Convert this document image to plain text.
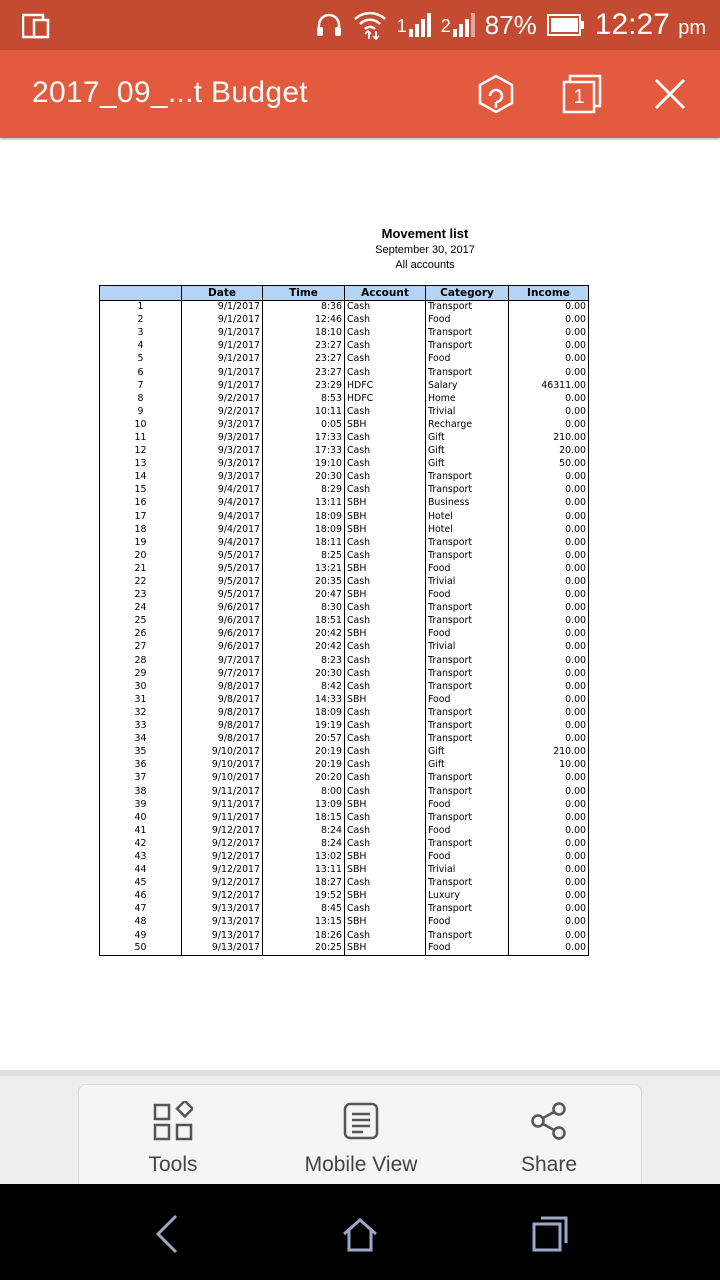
1 2 87% 12:27 pm
2017_09_...t Budget	1
Movement list
September 30, 2017
All accounts
	Date	Time	Account	Category	Income
1	9/1/2017	8:36	Cash	Transport	0.00
2	9/1/2017	12:46	Cash	Food	0.00
3	9/1/2017	18:10	Cash	Transport	0.00
4	9/1/2017	23:27	Cash	Transport	0.00
5	9/1/2017	23:27	Cash	Food	0.00
6	9/1/2017	23:27	Cash	Transport	0.00
7	9/1/2017	23:29	HDFC	Salary	46311.00
8	9/2/2017	8:53	HDFC	Home	0.00
9	9/2/2017	10:11	Cash	Trivial	0.00
10	9/3/2017	0:05	SBH	Recharge	0.00
11	9/3/2017	17:33	Cash	Gift	210.00
12	9/3/2017	17:33	Cash	Gift	20.00
13	9/3/2017	19:10	Cash	Gift	50.00
14	9/3/2017	20:30	Cash	Transport	0.00
15	9/4/2017	8:29	Cash	Transport	0.00
16	9/4/2017	13:11	SBH	Business	0.00
17	9/4/2017	18:09	SBH	Hotel	0.00
18	9/4/2017	18:09	SBH	Hotel	0.00
19	9/4/2017	18:11	Cash	Transport	0.00
20	9/5/2017	8:25	Cash	Transport	0.00
21	9/5/2017	13:21	SBH	Food	0.00
22	9/5/2017	20:35	Cash	Trivial	0.00
23	9/5/2017	20:47	SBH	Food	0.00
24	9/6/2017	8:30	Cash	Transport	0.00
25	9/6/2017	18:51	Cash	Transport	0.00
26	9/6/2017	20:42	SBH	Food	0.00
27	9/6/2017	20:42	Cash	Trivial	0.00
28	9/7/2017	8:23	Cash	Transport	0.00
29	9/7/2017	20:30	Cash	Transport	0.00
30	9/8/2017	8:42	Cash	Transport	0.00
31	9/8/2017	14:33	SBH	Food	0.00
32	9/8/2017	18:09	Cash	Transport	0.00
33	9/8/2017	19:19	Cash	Transport	0.00
34	9/8/2017	20:57	Cash	Transport	0.00
35	9/10/2017	20:19	Cash	Gift	210.00
36	9/10/2017	20:19	Cash	Gift	10.00
37	9/10/2017	20:20	Cash	Transport	0.00
38	9/11/2017	8:00	Cash	Transport	0.00
39	9/11/2017	13:09	SBH	Food	0.00
40	9/11/2017	18:15	Cash	Transport	0.00
41	9/12/2017	8:24	Cash	Food	0.00
42	9/12/2017	8:24	Cash	Transport	0.00
43	9/12/2017	13:02	SBH	Food	0.00
44	9/12/2017	13:11	SBH	Trivial	0.00
45	9/12/2017	18:27	Cash	Transport	0.00
46	9/12/2017	19:52	SBH	Luxury	0.00
47	9/13/2017	8:45	Cash	Transport	0.00
48	9/13/2017	13:15	SBH	Food	0.00
49	9/13/2017	18:26	Cash	Transport	0.00
50	9/13/2017	20:25	SBH	Food	0.00
Tools	Mobile View	Share
